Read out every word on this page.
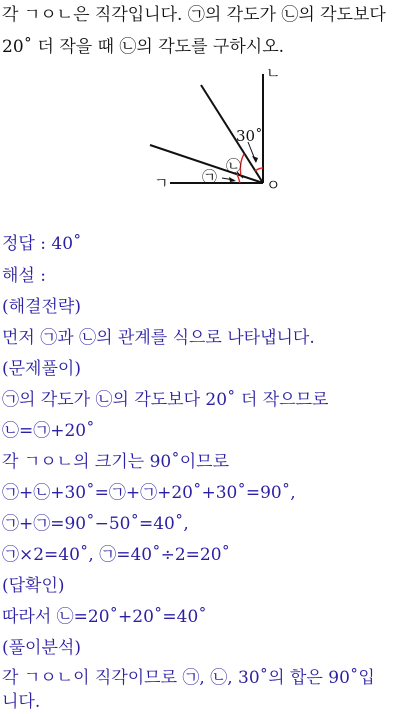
각 ㄱㅇㄴ은 직각입니다. ㉠의 각도가 ㉡의 각도보다
20˚ 더 작을 때 ㉡의 각도를 구하시오.
ㄴ
ㄱ	ㅇ
30˚
㉡
㉠
정답 : 40˚
해설 :
(해결전략)
먼저 ㉠과 ㉡의 관계를 식으로 나타냅니다.
(문제풀이)
㉠의 각도가 ㉡의 각도보다 20˚ 더 작으므로
㉡=㉠+20˚
각 ㄱㅇㄴ의 크기는 90˚이므로
㉠+㉡+30˚=㉠+㉠+20˚+30˚=90˚,
㉠+㉠=90˚−50˚=40˚,
㉠×2=40˚, ㉠=40˚÷2=20˚
(답확인)
따라서 ㉡=20˚+20˚=40˚
(풀이분석)
각 ㄱㅇㄴ이 직각이므로 ㉠, ㉡, 30˚의 합은 90˚입
니다.
